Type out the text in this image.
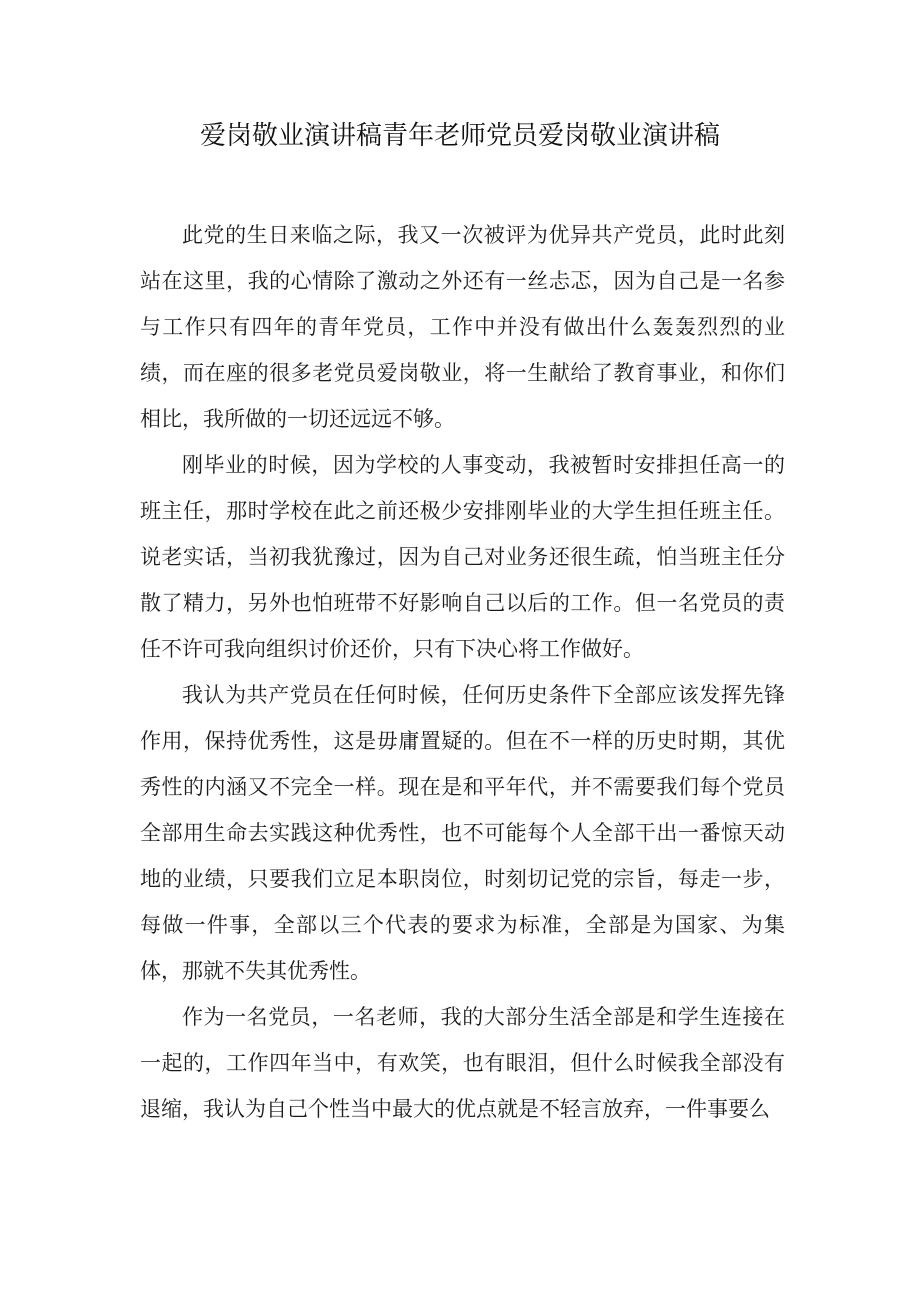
爱岗敬业演讲稿青年老师党员爱岗敬业演讲稿

此党的生日来临之际，我又一次被评为优异共产党员，此时此刻站在这里，我的心情除了激动之外还有一丝忐忑，因为自己是一名参与工作只有四年的青年党员，工作中并没有做出什么轰轰烈烈的业绩，而在座的很多老党员爱岗敬业，将一生献给了教育事业，和你们相比，我所做的一切还远远不够。

刚毕业的时候，因为学校的人事变动，我被暂时安排担任高一的班主任，那时学校在此之前还极少安排刚毕业的大学生担任班主任。说老实话，当初我犹豫过，因为自己对业务还很生疏，怕当班主任分散了精力，另外也怕班带不好影响自己以后的工作。但一名党员的责任不许可我向组织讨价还价，只有下决心将工作做好。

我认为共产党员在任何时候，任何历史条件下全部应该发挥先锋作用，保持优秀性，这是毋庸置疑的。但在不一样的历史时期，其优秀性的内涵又不完全一样。现在是和平年代，并不需要我们每个党员全部用生命去实践这种优秀性，也不可能每个人全部干出一番惊天动地的业绩，只要我们立足本职岗位，时刻切记党的宗旨，每走一步，每做一件事，全部以三个代表的要求为标准，全部是为国家、为集体，那就不失其优秀性。

作为一名党员，一名老师，我的大部分生活全部是和学生连接在一起的，工作四年当中，有欢笑，也有眼泪，但什么时候我全部没有退缩，我认为自己个性当中最大的优点就是不轻言放弃，一件事要么
